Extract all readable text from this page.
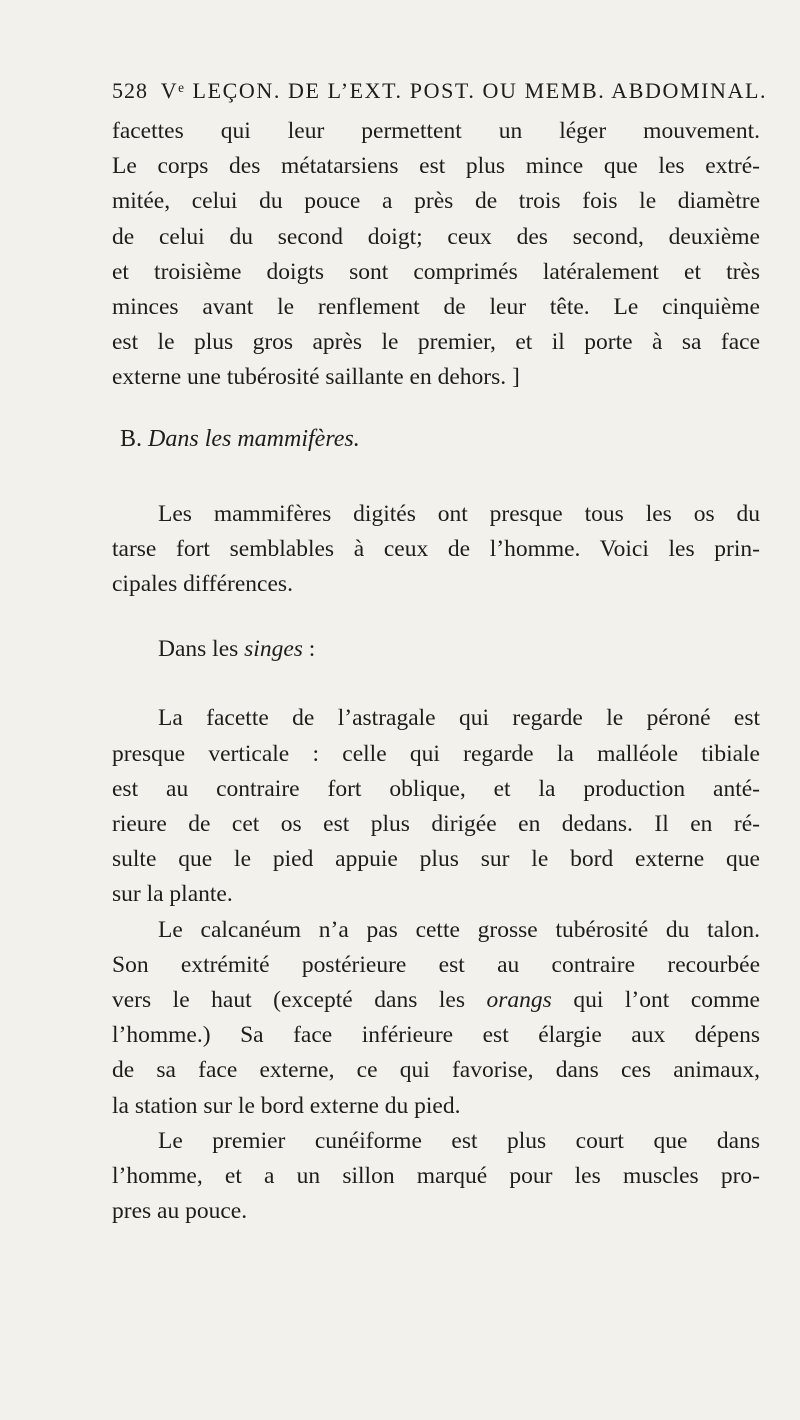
528 Vᵉ LEÇON. DE L’EXT. POST. OU MEMB. ABDOMINAL.

facettes qui leur permettent un léger mouvement.
Le corps des métatarsiens est plus mince que les extré-
mitée, celui du pouce a près de trois fois le diamètre
de celui du second doigt; ceux des second, deuxième
et troisième doigts sont comprimés latéralement et très
minces avant le renflement de leur tête. Le cinquième
est le plus gros après le premier, et il porte à sa face
externe une tubérosité saillante en dehors. ]

B. Dans les mammifères.

Les mammifères digités ont presque tous les os du
tarse fort semblables à ceux de l’homme. Voici les prin-
cipales différences.

Dans les singes :

La facette de l’astragale qui regarde le péroné est
presque verticale : celle qui regarde la malléole tibiale
est au contraire fort oblique, et la production anté-
rieure de cet os est plus dirigée en dedans. Il en ré-
sulte que le pied appuie plus sur le bord externe que
sur la plante.

Le calcanéum n’a pas cette grosse tubérosité du talon.
Son extrémité postérieure est au contraire recourbée
vers le haut (excepté dans les orangs qui l’ont comme
l’homme.) Sa face inférieure est élargie aux dépens
de sa face externe, ce qui favorise, dans ces animaux,
la station sur le bord externe du pied.

Le premier cunéiforme est plus court que dans
l’homme, et a un sillon marqué pour les muscles pro-
pres au pouce.
